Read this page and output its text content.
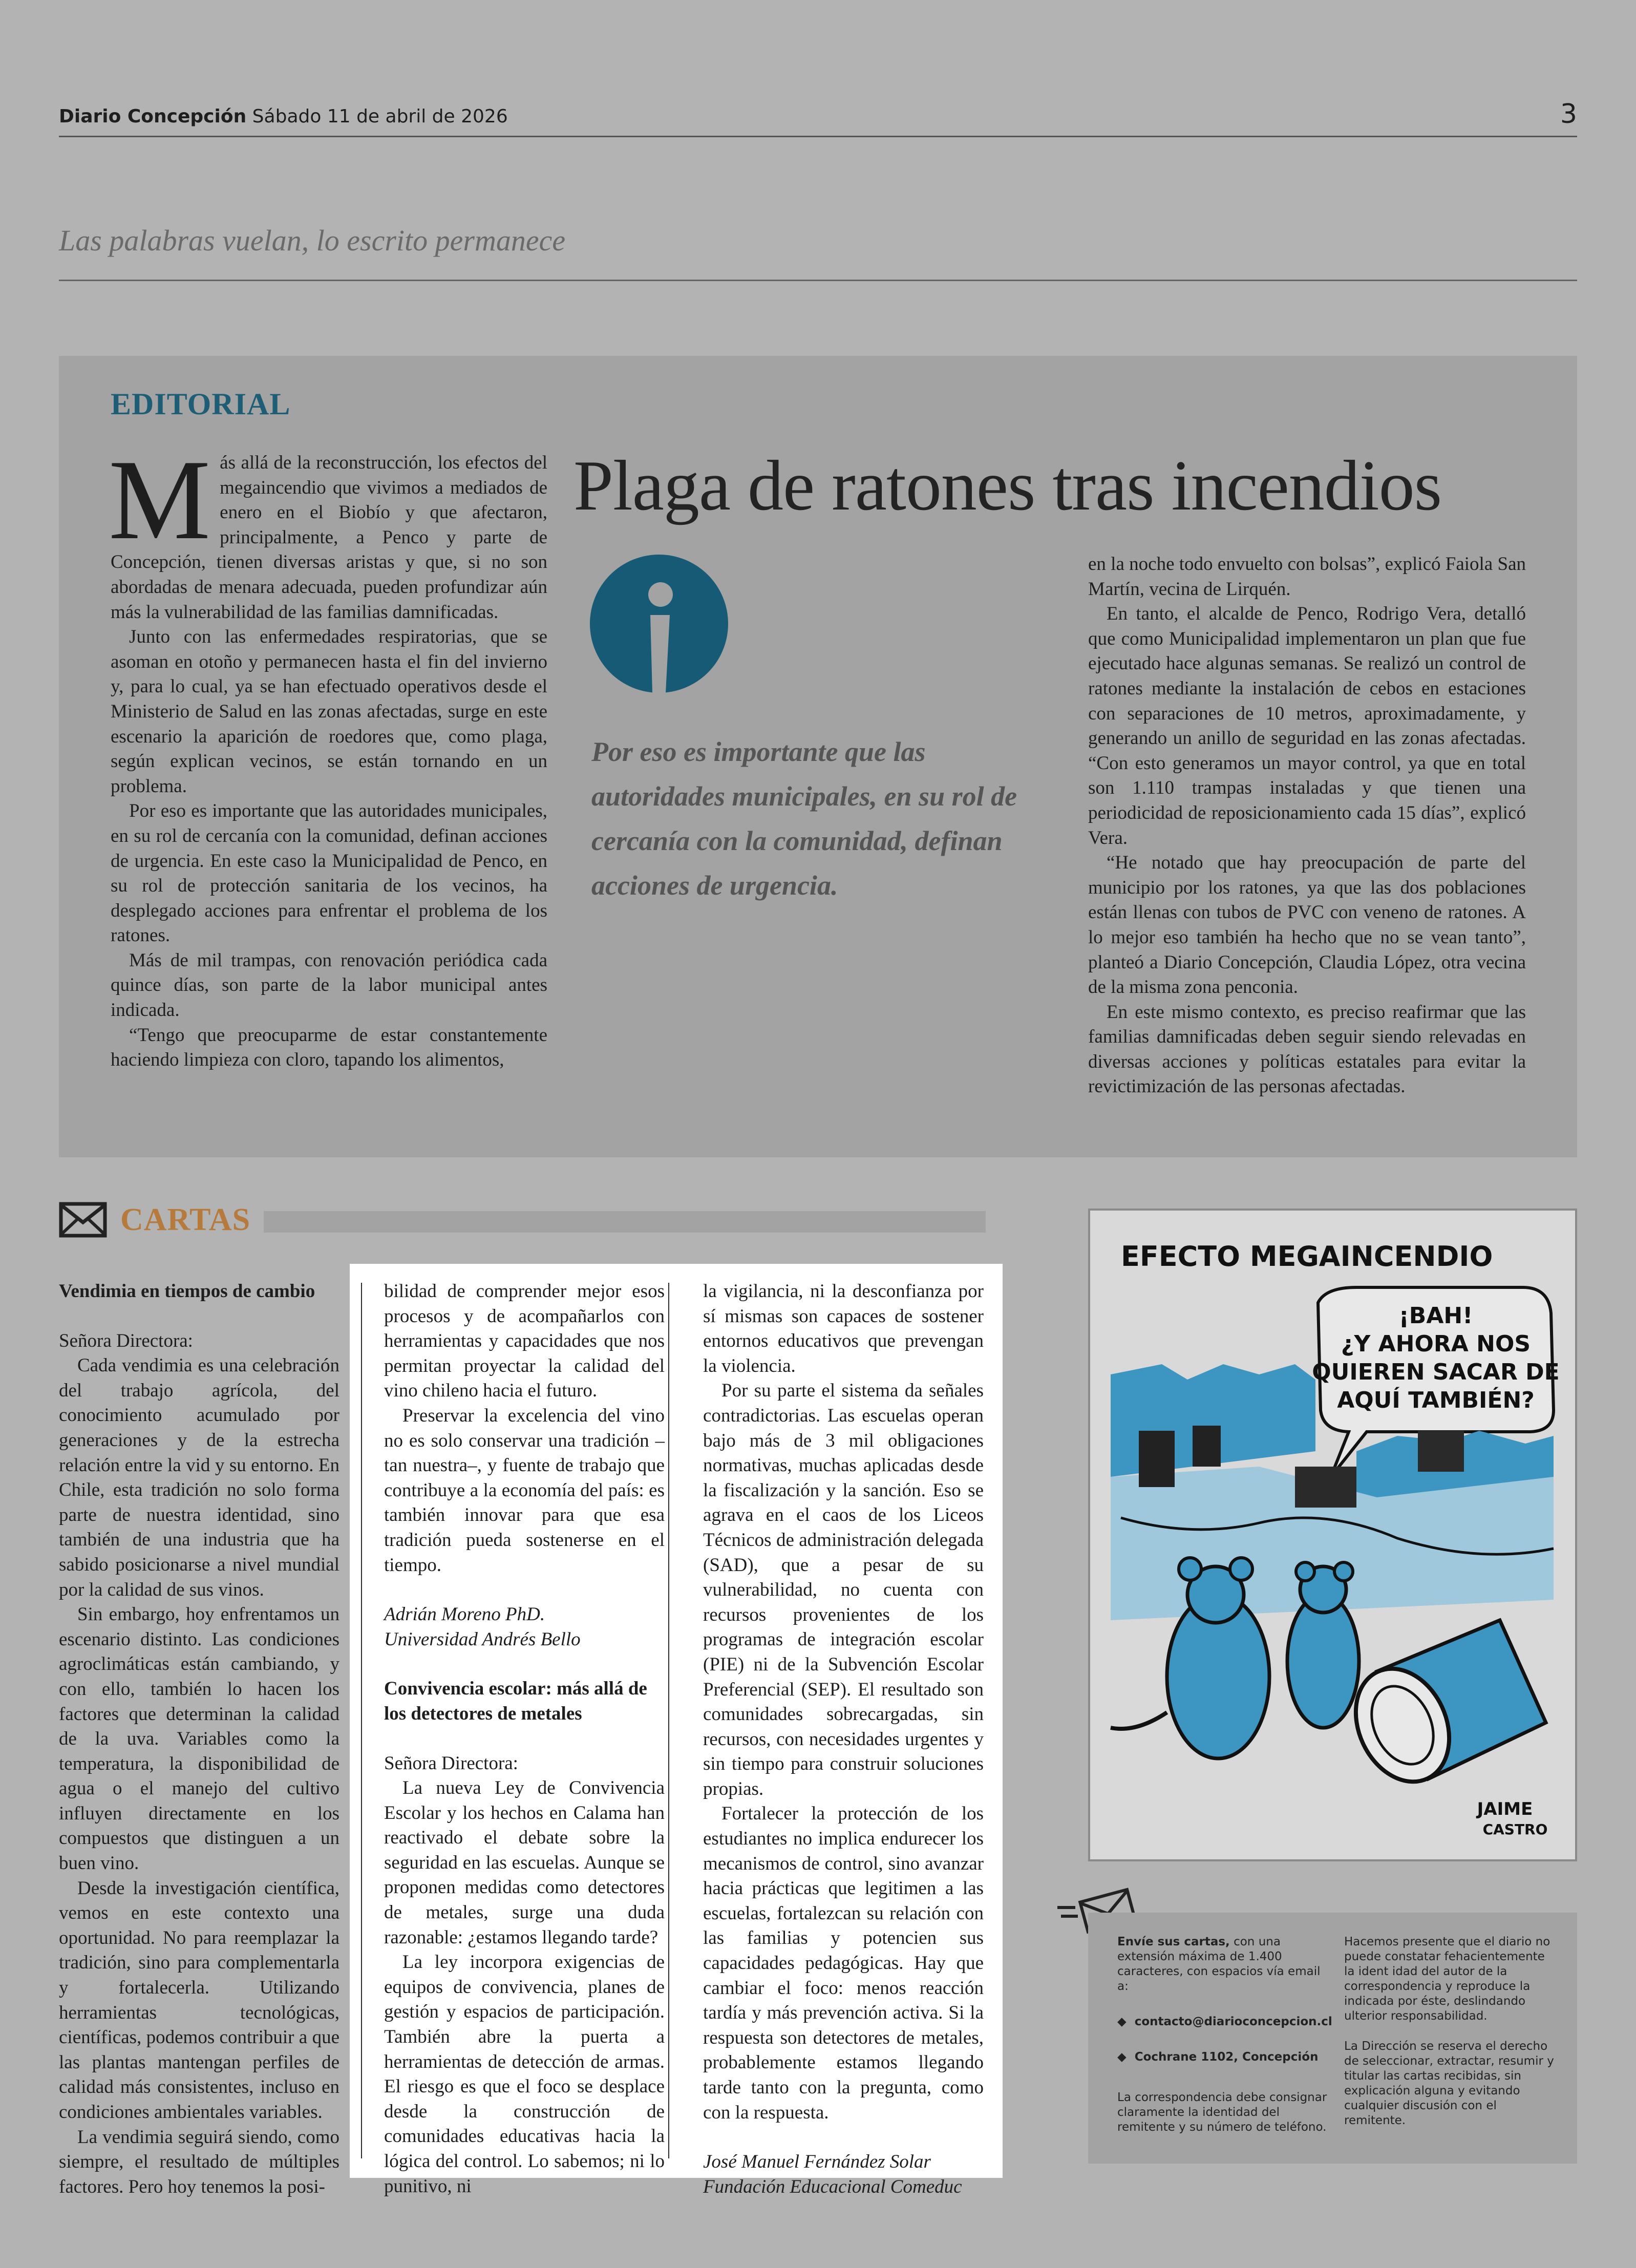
Diario Concepción Sábado 11 de abril de 2026	3
Las palabras vuelan, lo escrito permanece
EDITORIAL

Más allá de la reconstrucción, los efectos del megaincendio que vivimos a mediados de enero en el Biobío y que afectaron, principalmente, a Penco y parte de Concepción, tienen diversas aristas y que, si no son abordadas de menara adecuada, pueden profundizar aún más la vulnerabilidad de las familias damnificadas.

Junto con las enfermedades respiratorias, que se asoman en otoño y permanecen hasta el fin del invierno y, para lo cual, ya se han efectuado operativos desde el Ministerio de Salud en las zonas afectadas, surge en este escenario la aparición de roedores que, como plaga, según explican vecinos, se están tornando en un problema.

Por eso es importante que las autoridades municipales, en su rol de cercanía con la comunidad, definan acciones de urgencia. En este caso la Municipalidad de Penco, en su rol de protección sanitaria de los vecinos, ha desplegado acciones para enfrentar el problema de los ratones.

Más de mil trampas, con renovación periódica cada quince días, son parte de la labor municipal antes indicada.

“Tengo que preocuparme de estar constantemente haciendo limpieza con cloro, tapando los alimentos,

Plaga de ratones tras incendios
Por eso es importante que las autoridades municipales, en su rol de cercanía con la comunidad, definan acciones de urgencia.

en la noche todo envuelto con bolsas”, explicó Faiola San Martín, vecina de Lirquén.

En tanto, el alcalde de Penco, Rodrigo Vera, detalló que como Municipalidad implementaron un plan que fue ejecutado hace algunas semanas. Se realizó un control de ratones mediante la instalación de cebos en estaciones con separaciones de 10 metros, aproximadamente, y generando un anillo de seguridad en las zonas afectadas. “Con esto generamos un mayor control, ya que en total son 1.110 trampas instaladas y que tienen una periodicidad de reposicionamiento cada 15 días”, explicó Vera.

“He notado que hay preocupación de parte del municipio por los ratones, ya que las dos poblaciones están llenas con tubos de PVC con veneno de ratones. A lo mejor eso también ha hecho que no se vean tanto”, planteó a Diario Concepción, Claudia López, otra vecina de la misma zona penconia.

En este mismo contexto, es preciso reafirmar que las familias damnificadas deben seguir siendo relevadas en diversas acciones y políticas estatales para evitar la revictimización de las personas afectadas.

CARTAS

Vendimia en tiempos de cambio

Señora Directora:

Cada vendimia es una celebración del trabajo agrícola, del conocimiento acumulado por generaciones y de la estrecha relación entre la vid y su entorno. En Chile, esta tradición no solo forma parte de nuestra identidad, sino también de una industria que ha sabido posicionarse a nivel mundial por la calidad de sus vinos.

Sin embargo, hoy enfrentamos un escenario distinto. Las condiciones agroclimáticas están cambiando, y con ello, también lo hacen los factores que determinan la calidad de la uva. Variables como la temperatura, la disponibilidad de agua o el manejo del cultivo influyen directamente en los compuestos que distinguen a un buen vino.

Desde la investigación científica, vemos en este contexto una oportunidad. No para reemplazar la tradición, sino para complementarla y fortalecerla. Utilizando herramientas tecnológicas, científicas, podemos contribuir a que las plantas mantengan perfiles de calidad más consistentes, incluso en condiciones ambientales variables.

La vendimia seguirá siendo, como siempre, el resultado de múltiples factores. Pero hoy tenemos la posi-

bilidad de comprender mejor esos procesos y de acompañarlos con herramientas y capacidades que nos permitan proyectar la calidad del vino chileno hacia el futuro.

Preservar la excelencia del vino no es solo conservar una tradición –tan nuestra–, y fuente de trabajo que contribuye a la economía del país: es también innovar para que esa tradición pueda sostenerse en el tiempo.

Adrián Moreno PhD.

Universidad Andrés Bello

Convivencia escolar: más allá de los detectores de metales

Señora Directora:

La nueva Ley de Convivencia Escolar y los hechos en Calama han reactivado el debate sobre la seguridad en las escuelas. Aunque se proponen medidas como detectores de metales, surge una duda razonable: ¿estamos llegando tarde?

La ley incorpora exigencias de equipos de convivencia, planes de gestión y espacios de participación. También abre la puerta a herramientas de detección de armas. El riesgo es que el foco se desplace desde la construcción de comunidades educativas hacia la lógica del control. Lo sabemos; ni lo punitivo, ni

la vigilancia, ni la desconfianza por sí mismas son capaces de sostener entornos educativos que prevengan la violencia.

Por su parte el sistema da señales contradictorias. Las escuelas operan bajo más de 3 mil obligaciones normativas, muchas aplicadas desde la fiscalización y la sanción. Eso se agrava en el caos de los Liceos Técnicos de administración delegada (SAD), que a pesar de su vulnerabilidad, no cuenta con recursos provenientes de los programas de integración escolar (PIE) ni de la Subvención Escolar Preferencial (SEP). El resultado son comunidades sobrecargadas, sin recursos, con necesidades urgentes y sin tiempo para construir soluciones propias.

Fortalecer la protección de los estudiantes no implica endurecer los mecanismos de control, sino avanzar hacia prácticas que legitimen a las escuelas, fortalezcan su relación con las familias y potencien sus capacidades pedagógicas. Hay que cambiar el foco: menos reacción tardía y más prevención activa. Si la respuesta son detectores de metales, probablemente estamos llegando tarde tanto con la pregunta, como con la respuesta.

José Manuel Fernández Solar

Fundación Educacional Comeduc

EFECTO MEGAINCENDIO
¡BAH!
¿Y AHORA NOS
QUIEREN SACAR DE
AQUÍ TAMBIÉN?
JAIME
CASTRO
Envíe sus cartas, con una extensión máxima de 1.400 caracteres, con espacios vía email a:
◆  contacto@diarioconcepcion.cl
◆  Cochrane 1102, Concepción
La correspondencia debe consignar claramente la identidad del remitente y su número de teléfono.
Hacemos presente que el diario no puede constatar fehacientemente la ident idad del autor de la correspondencia y reproduce la indicada por éste, deslindando ulterior responsabilidad.
La Dirección se reserva el derecho de seleccionar, extractar, resumir y titular las cartas recibidas, sin explicación alguna y evitando cualquier discusión con el remitente.
